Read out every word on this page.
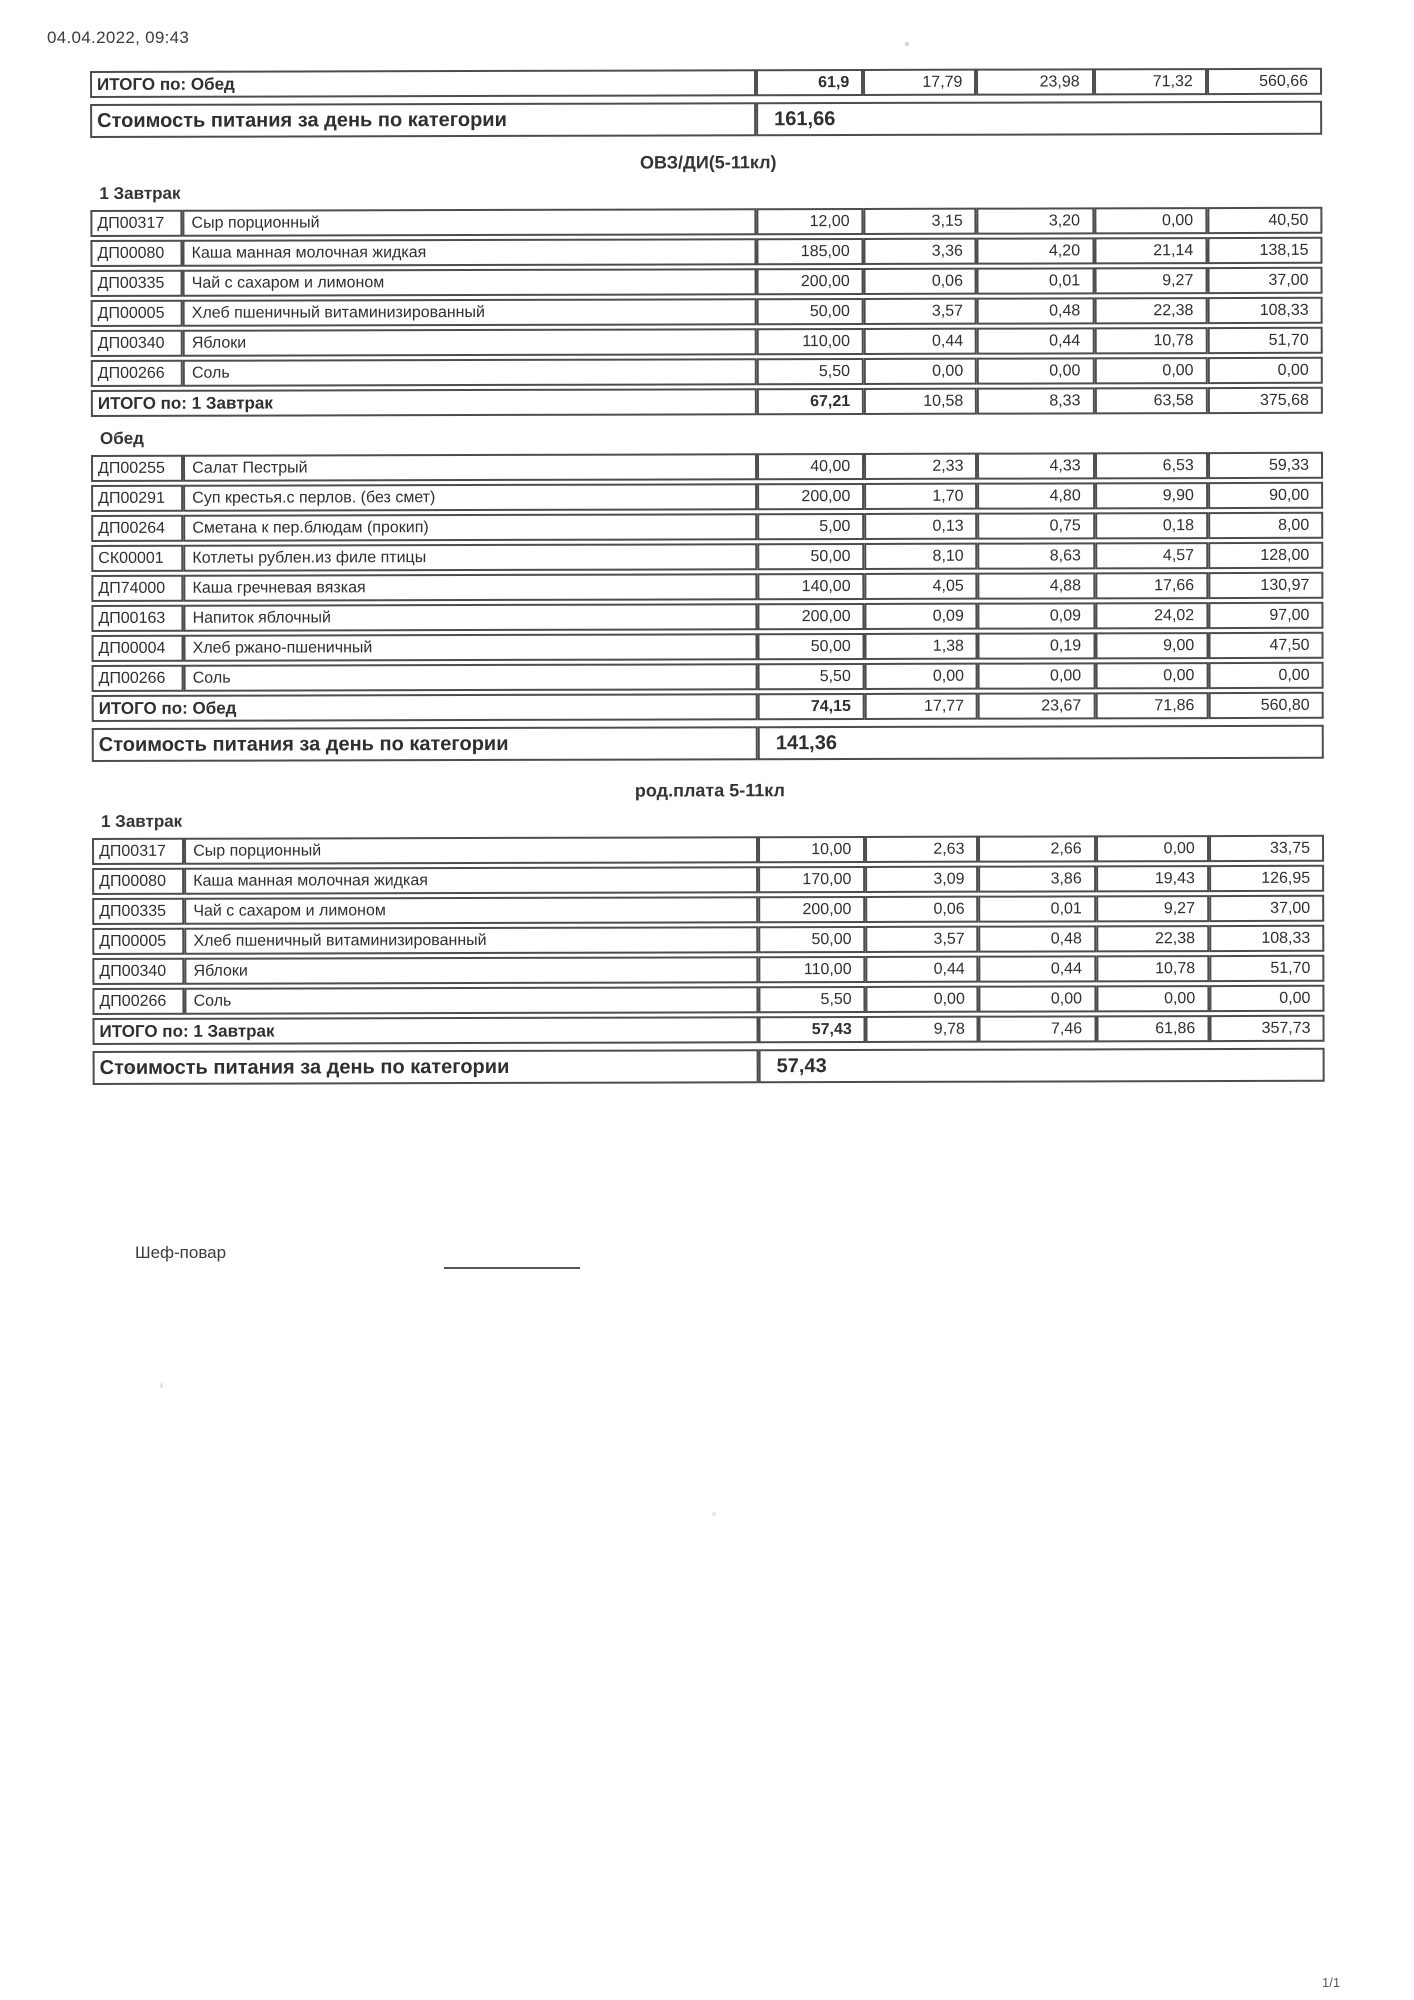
04.04.2022, 09:43
ИТОГО по: Обед	61,9	17,79	23,98	71,32	560,66
Стоимость питания за день по категории	161,66
ОВЗ/ДИ(5-11кл)
1 Завтрак
ДП00317	Сыр порционный	12,00	3,15	3,20	0,00	40,50
ДП00080	Каша манная молочная жидкая	185,00	3,36	4,20	21,14	138,15
ДП00335	Чай с сахаром и лимоном	200,00	0,06	0,01	9,27	37,00
ДП00005	Хлеб пшеничный витаминизированный	50,00	3,57	0,48	22,38	108,33
ДП00340	Яблоки	110,00	0,44	0,44	10,78	51,70
ДП00266	Соль	5,50	0,00	0,00	0,00	0,00
ИТОГО по: 1 Завтрак		67,21	10,58	8,33	63,58	375,68
Обед
ДП00255	Салат Пестрый	40,00	2,33	4,33	6,53	59,33
ДП00291	Суп крестья.с перлов. (без смет)	200,00	1,70	4,80	9,90	90,00
ДП00264	Сметана к пер.блюдам (прокип)	5,00	0,13	0,75	0,18	8,00
СК00001	Котлеты рублен.из филе птицы	50,00	8,10	8,63	4,57	128,00
ДП74000	Каша гречневая вязкая	140,00	4,05	4,88	17,66	130,97
ДП00163	Напиток яблочный	200,00	0,09	0,09	24,02	97,00
ДП00004	Хлеб ржано-пшеничный	50,00	1,38	0,19	9,00	47,50
ДП00266	Соль	5,50	0,00	0,00	0,00	0,00
ИТОГО по: Обед		74,15	17,77	23,67	71,86	560,80
Стоимость питания за день по категории	141,36
род.плата 5-11кл
1 Завтрак
ДП00317	Сыр порционный	10,00	2,63	2,66	0,00	33,75
ДП00080	Каша манная молочная жидкая	170,00	3,09	3,86	19,43	126,95
ДП00335	Чай с сахаром и лимоном	200,00	0,06	0,01	9,27	37,00
ДП00005	Хлеб пшеничный витаминизированный	50,00	3,57	0,48	22,38	108,33
ДП00340	Яблоки	110,00	0,44	0,44	10,78	51,70
ДП00266	Соль	5,50	0,00	0,00	0,00	0,00
ИТОГО по: 1 Завтрак		57,43	9,78	7,46	61,86	357,73
Стоимость питания за день по категории	57,43
Шеф-повар
1/1
